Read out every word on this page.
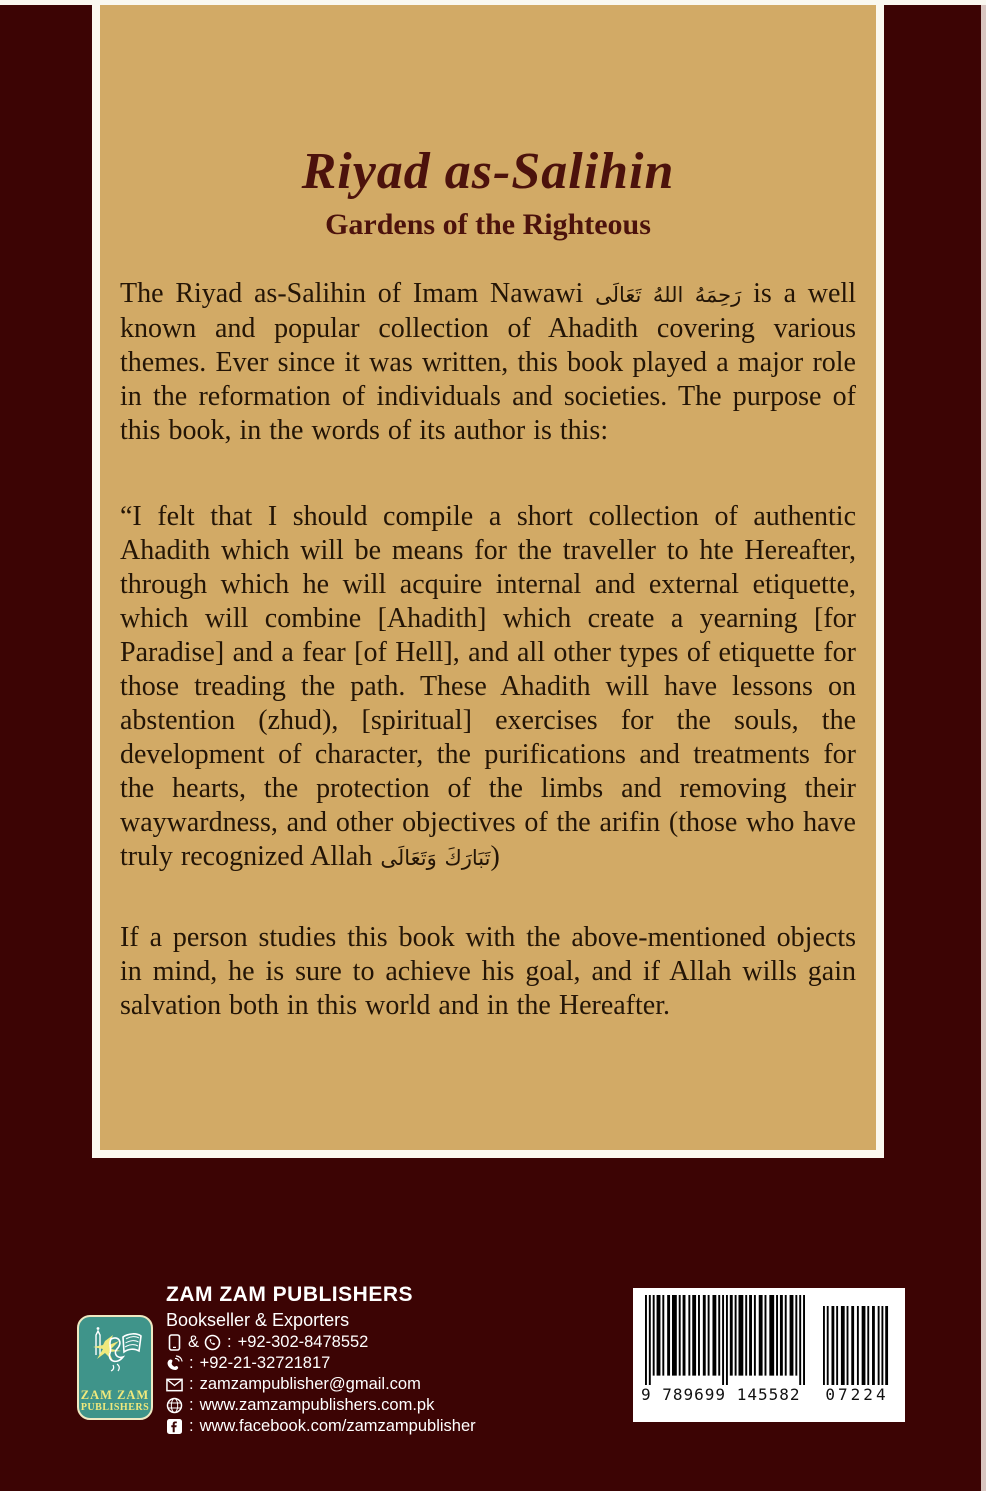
Riyad as-Salihin
Gardens of the Righteous

The Riyad as-Salihin of Imam Nawawi رَحِمَهُ اللهُ تَعَالَى is a well known and popular collection of Ahadith covering various themes. Ever since it was written, this book played a major role in the reformation of individuals and societies. The purpose of this book, in the words of its author is this:

“I felt that I should compile a short collection of authentic Ahadith which will be means for the traveller to hte Hereafter, through which he will acquire internal and external etiquette, which will combine [Ahadith] which create a yearning [for Paradise] and a fear [of Hell], and all other types of etiquette for those treading the path. These Ahadith will have lessons on abstention (zhud), [spiritual] exercises for the souls, the development of character, the purifications and treatments for the hearts, the protection of the limbs and removing their waywardness, and other objectives of the arifin (those who have truly recognized Allah تَبَارَكَ وَتَعَالَى)

If a person studies this book with the above-mentioned objects in mind, he is sure to achieve his goal, and if Allah wills gain salvation both in this world and in the Hereafter.

ZAM ZAM
PUBLISHERS
ZAM ZAM PUBLISHERS
Bookseller & Exporters
& : +92-302-8478552
: +92-21-32721817
: zamzampublisher@gmail.com
: www.zamzampublishers.com.pk
: www.facebook.com/zamzampublisher
9 789699 145582	07224
